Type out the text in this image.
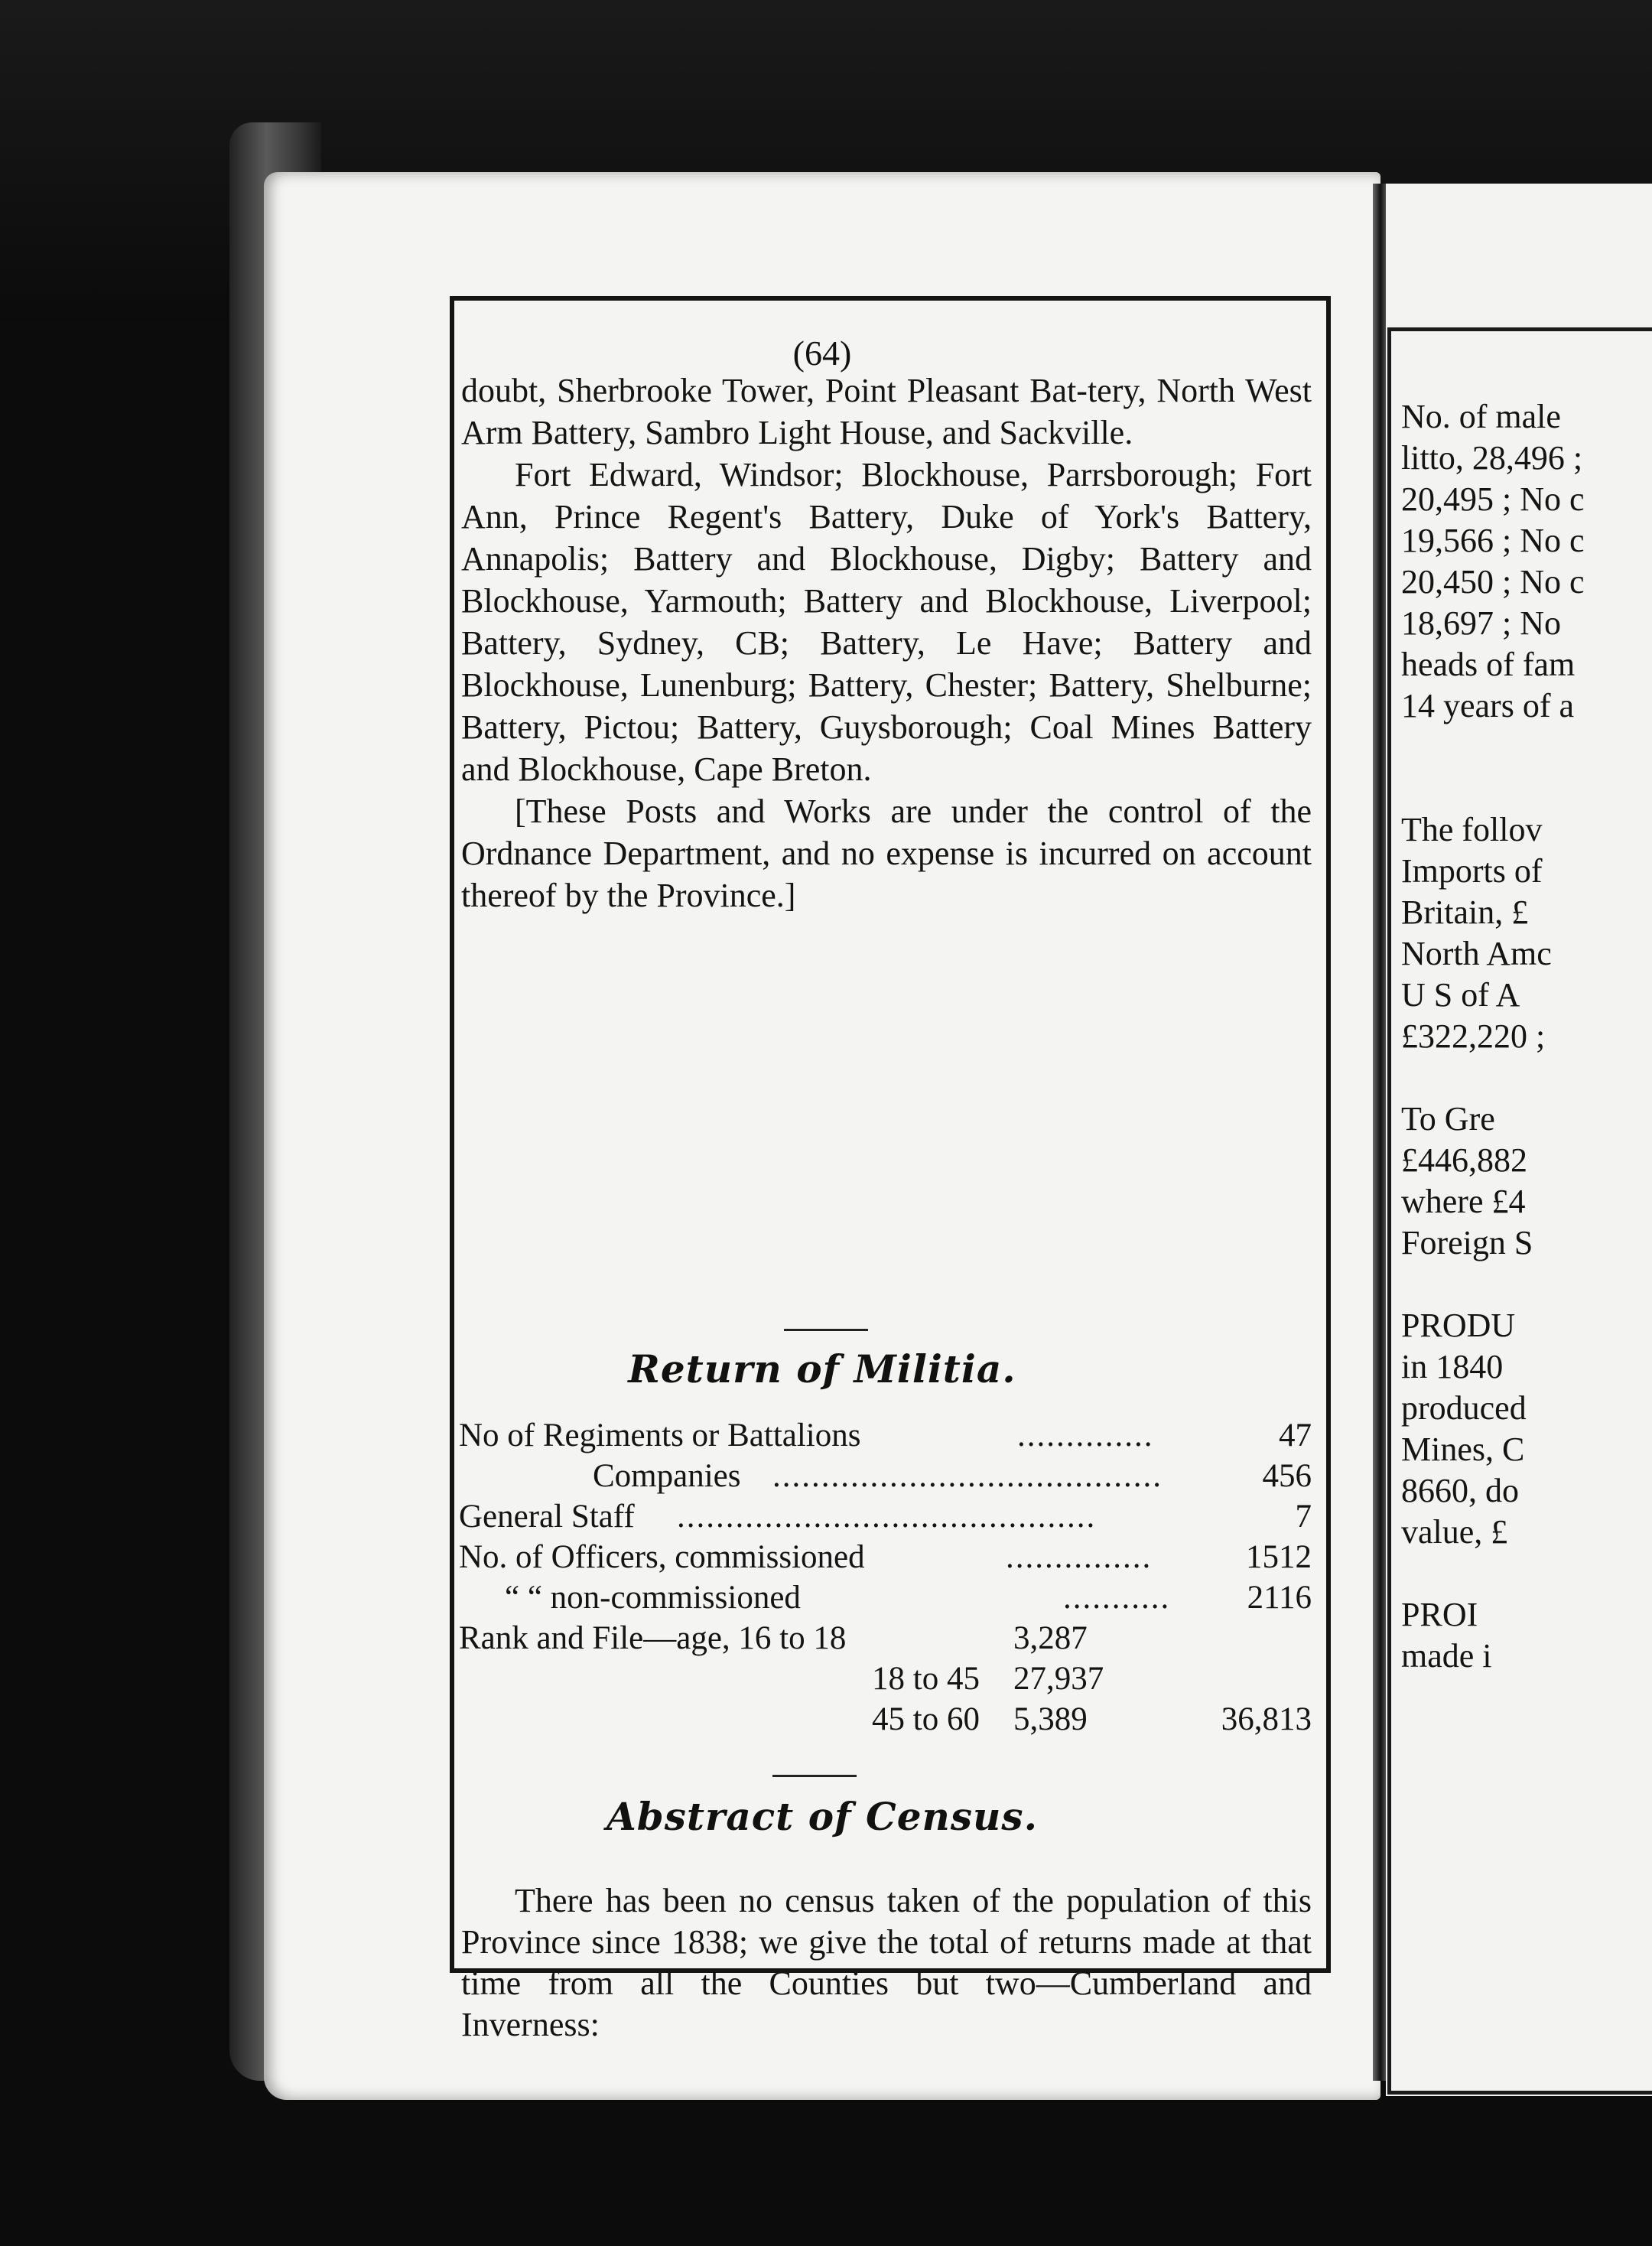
(64)

doubt, Sherbrooke Tower, Point Pleasant Bat-tery, North West Arm Battery, Sambro Light House, and Sackville.

Fort Edward, Windsor; Blockhouse, Parrsborough; Fort Ann, Prince Regent's Battery, Duke of York's Battery, Annapolis; Battery and Blockhouse, Digby; Battery and Blockhouse, Yarmouth; Battery and Blockhouse, Liverpool; Battery, Sydney, CB; Battery, Le Have; Battery and Blockhouse, Lunenburg; Battery, Chester; Battery, Shelburne; Battery, Pictou; Battery, Guysborough; Coal Mines Battery and Blockhouse, Cape Breton.

[These Posts and Works are under the control of the Ordnance Department, and no expense is incurred on account thereof by the Province.]

Return of Militia.
No of Regiments or Battalions	..............	47
Companies ........................................	456
General Staff ...........................................	7
No. of Officers, commissioned	...............	1512
“ “ non-commissioned	...........	2116
Rank and File—age, 16 to 18	3,287
18 to 45 27,937
45 to 60 5,389	36,813
Abstract of Census.

There has been no census taken of the population of this Province since 1838; we give the total of returns made at that time from all the Counties but two—Cumberland and Inverness:

No. of male

litto, 28,496 ;

20,495 ; No c

19,566 ; No c

20,450 ; No c

18,697 ; No

heads of fam

14 years of a

The follov

Imports of

Britain, £

North Amc

U S of A

£322,220 ;

To Gre

£446,882

where £4

Foreign S

PRODU

in 1840

produced

Mines, C

8660, do

value, £

PROI

made i
